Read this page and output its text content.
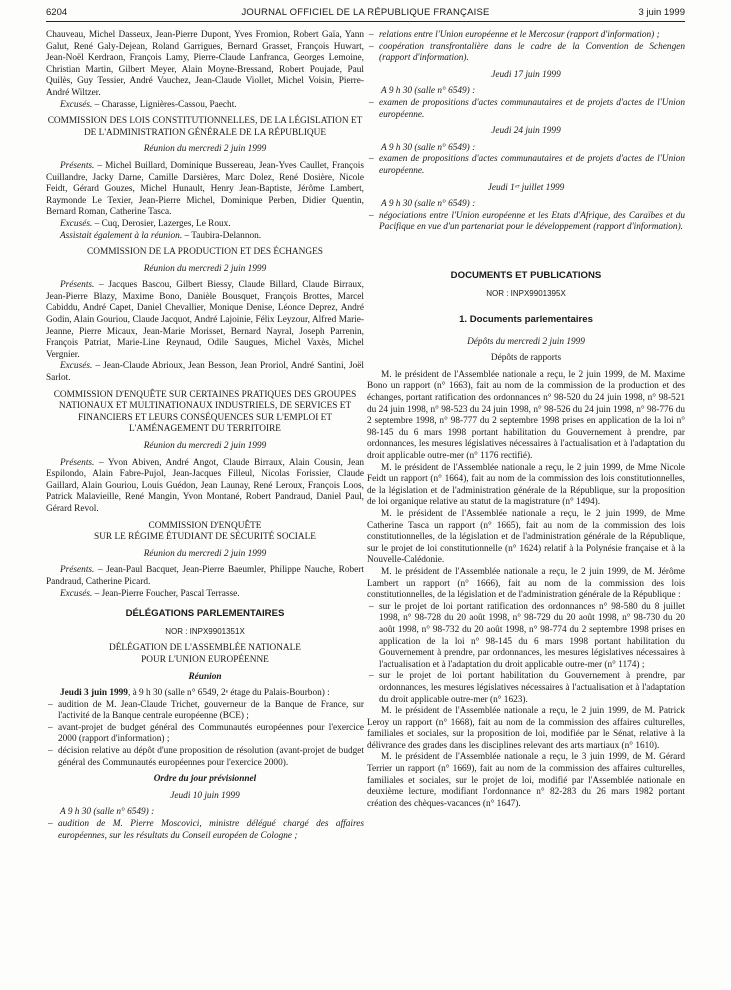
6204	JOURNAL OFFICIEL DE LA RÉPUBLIQUE FRANÇAISE	3 juin 1999

Chauveau, Michel Dasseux, Jean-Pierre Dupont, Yves Fromion, Robert Gaïa, Yann Galut, René Galy-Dejean, Roland Garrigues, Bernard Grasset, François Huwart, Jean-Noël Kerdraon, François Lamy, Pierre-Claude Lanfranca, Georges Lemoine, Christian Martin, Gilbert Meyer, Alain Moyne-Bressand, Robert Poujade, Paul Quilès, Guy Tessier, André Vauchez, Jean-Claude Viollet, Michel Voisin, Pierre-André Wiltzer.

Excusés. – Charasse, Lignières-Cassou, Paecht.

COMMISSION DES LOIS CONSTITUTIONNELLES, DE LA LÉGISLATION ET DE L'ADMINISTRATION GÉNÉRALE DE LA RÉPUBLIQUE

Réunion du mercredi 2 juin 1999

Présents. – Michel Buillard, Dominique Bussereau, Jean-Yves Caullet, François Cuillandre, Jacky Darne, Camille Darsières, Marc Dolez, René Dosière, Nicole Feidt, Gérard Gouzes, Michel Hunault, Henry Jean-Baptiste, Jérôme Lambert, Raymonde Le Texier, Jean-Pierre Michel, Dominique Perben, Didier Quentin, Bernard Roman, Catherine Tasca.

Excusés. – Cuq, Derosier, Lazerges, Le Roux.

Assistait également à la réunion. – Taubira-Delannon.

COMMISSION DE LA PRODUCTION ET DES ÉCHANGES

Réunion du mercredi 2 juin 1999

Présents. – Jacques Bascou, Gilbert Biessy, Claude Billard, Claude Birraux, Jean-Pierre Blazy, Maxime Bono, Danièle Bousquet, François Brottes, Marcel Cabiddu, André Capet, Daniel Chevallier, Monique Denise, Léonce Deprez, André Godin, Alain Gouriou, Claude Jacquot, André Lajoinie, Félix Leyzour, Alfred Marie-Jeanne, Pierre Micaux, Jean-Marie Morisset, Bernard Nayral, Joseph Parrenin, François Patriat, Marie-Line Reynaud, Odile Saugues, Michel Vaxès, Michel Vergnier.

Excusés. – Jean-Claude Abrioux, Jean Besson, Jean Proriol, André Santini, Joël Sarlot.

COMMISSION D'ENQUÊTE SUR CERTAINES PRATIQUES DES GROUPES NATIONAUX ET MULTINATIONAUX INDUSTRIELS, DE SERVICES ET FINANCIERS ET LEURS CONSÉQUENCES SUR L'EMPLOI ET L'AMÉNAGEMENT DU TERRITOIRE

Réunion du mercredi 2 juin 1999

Présents. – Yvon Abiven, André Angot, Claude Birraux, Alain Cousin, Jean Espilondo, Alain Fabre-Pujol, Jean-Jacques Filleul, Nicolas Forissier, Claude Gaillard, Alain Gouriou, Louis Guédon, Jean Launay, René Leroux, François Loos, Patrick Malavieille, René Mangin, Yvon Montané, Robert Pandraud, Daniel Paul, Gérard Revol.

COMMISSION D'ENQUÊTE

SUR LE RÉGIME ÉTUDIANT DE SÉCURITÉ SOCIALE

Réunion du mercredi 2 juin 1999

Présents. – Jean-Paul Bacquet, Jean-Pierre Baeumler, Philippe Nauche, Robert Pandraud, Catherine Picard.

Excusés. – Jean-Pierre Foucher, Pascal Terrasse.

DÉLÉGATIONS PARLEMENTAIRES

NOR : INPX9901351X

DÉLÉGATION DE L'ASSEMBLÉE NATIONALE

POUR L'UNION EUROPÉENNE

Réunion

Jeudi 3 juin 1999, à 9 h 30 (salle n° 6549, 2ᵉ étage du Palais-Bourbon) :

– audition de M. Jean-Claude Trichet, gouverneur de la Banque de France, sur l'activité de la Banque centrale européenne (BCE) ;
– avant-projet de budget général des Communautés européennes pour l'exercice 2000 (rapport d'information) ;
– décision relative au dépôt d'une proposition de résolution (avant-projet de budget général des Communautés européennes pour l'exercice 2000).

Ordre du jour prévisionnel

Jeudi 10 juin 1999

A 9 h 30 (salle n° 6549) :

– audition de M. Pierre Moscovici, ministre délégué chargé des affaires européennes, sur les résultats du Conseil européen de Cologne ;
– relations entre l'Union européenne et le Mercosur (rapport d'information) ;
– coopération transfrontalière dans le cadre de la Convention de Schengen (rapport d'information).

Jeudi 17 juin 1999

A 9 h 30 (salle n° 6549) :

– examen de propositions d'actes communautaires et de projets d'actes de l'Union européenne.

Jeudi 24 juin 1999

A 9 h 30 (salle n° 6549) :

– examen de propositions d'actes communautaires et de projets d'actes de l'Union européenne.

Jeudi 1ᵉʳ juillet 1999

A 9 h 30 (salle n° 6549) :

– négociations entre l'Union européenne et les Etats d'Afrique, des Caraïbes et du Pacifique en vue d'un partenariat pour le développement (rapport d'information).

DOCUMENTS ET PUBLICATIONS

NOR : INPX9901395X

1. Documents parlementaires

Dépôts du mercredi 2 juin 1999

Dépôts de rapports

M. le président de l'Assemblée nationale a reçu, le 2 juin 1999, de M. Maxime Bono un rapport (n° 1663), fait au nom de la commission de la production et des échanges, portant ratification des ordonnances n° 98-520 du 24 juin 1998, n° 98-521 du 24 juin 1998, n° 98-523 du 24 juin 1998, n° 98-526 du 24 juin 1998, n° 98-776 du 2 septembre 1998, n° 98-777 du 2 septembre 1998 prises en application de la loi n° 98-145 du 6 mars 1998 portant habilitation du Gouvernement à prendre, par ordonnances, les mesures législatives nécessaires à l'actualisation et à l'adaptation du droit applicable outre-mer (n° 1176 rectifié).

M. le président de l'Assemblée nationale a reçu, le 2 juin 1999, de Mme Nicole Feidt un rapport (n° 1664), fait au nom de la commission des lois constitutionnelles, de la législation et de l'administration générale de la République, sur la proposition de loi organique relative au statut de la magistrature (n° 1494).

M. le président de l'Assemblée nationale a reçu, le 2 juin 1999, de Mme Catherine Tasca un rapport (n° 1665), fait au nom de la commission des lois constitutionnelles, de la législation et de l'administration générale de la République, sur le projet de loi constitutionnelle (n° 1624) relatif à la Polynésie française et à la Nouvelle-Calédonie.

M. le président de l'Assemblée nationale a reçu, le 2 juin 1999, de M. Jérôme Lambert un rapport (n° 1666), fait au nom de la commission des lois constitutionnelles, de la législation et de l'administration générale de la République :

– sur le projet de loi portant ratification des ordonnances n° 98-580 du 8 juillet 1998, n° 98-728 du 20 août 1998, n° 98-729 du 20 août 1998, n° 98-730 du 20 août 1998, n° 98-732 du 20 août 1998, n° 98-774 du 2 septembre 1998 prises en application de la loi n° 98-145 du 6 mars 1998 portant habilitation du Gouvernement à prendre, par ordonnances, les mesures législatives nécessaires à l'actualisation et à l'adaptation du droit applicable outre-mer (n° 1174) ;
– sur le projet de loi portant habilitation du Gouvernement à prendre, par ordonnances, les mesures législatives nécessaires à l'actualisation et à l'adaptation du droit applicable outre-mer (n° 1623).

M. le président de l'Assemblée nationale a reçu, le 2 juin 1999, de M. Patrick Leroy un rapport (n° 1668), fait au nom de la commission des affaires culturelles, familiales et sociales, sur la proposition de loi, modifiée par le Sénat, relative à la délivrance des grades dans les disciplines relevant des arts martiaux (n° 1610).

M. le président de l'Assemblée nationale a reçu, le 3 juin 1999, de M. Gérard Terrier un rapport (n° 1669), fait au nom de la commission des affaires culturelles, familiales et sociales, sur le projet de loi, modifié par l'Assemblée nationale en deuxième lecture, modifiant l'ordonnance n° 82-283 du 26 mars 1982 portant création des chèques-vacances (n° 1647).
